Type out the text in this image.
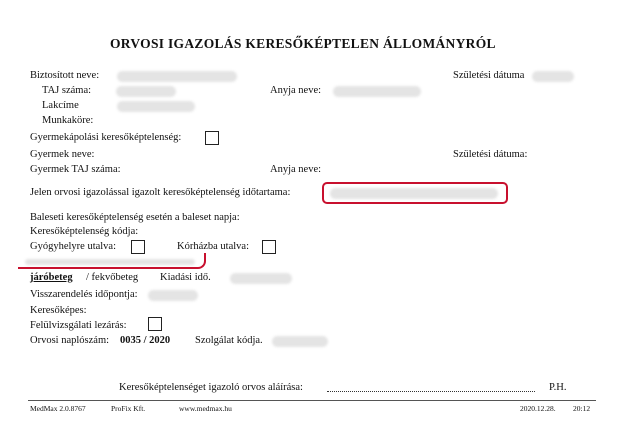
ORVOSI IGAZOLÁS KERESŐKÉPTELEN ÁLLOMÁNYRÓL
Biztosított neve:	Születési dátuma
TAJ száma:	Anyja neve:
Lakcíme
Munkaköre:
Gyermekápolási keresőképtelenség:
Gyermek neve:	Születési dátuma:
Gyermek TAJ száma:	Anyja neve:
Jelen orvosi igazolással igazolt keresőképtelenség időtartama:
Baleseti keresőképtelenség esetén a baleset napja:
Keresőképtelenség kódja:
Gyógyhelyre utalva:	Kórházba utalva:
járóbeteg / fekvőbeteg Kiadási idő.
Visszarendelés időpontja:
Keresőképes:
Felülvizsgálati lezárás:
Orvosi naplószám: 0035 / 2020 Szolgálat kódja.
Keresőképtelenséget igazoló orvos aláírása:	P.H.
MedMax 2.0.8767	ProFix Kft.	www.medmax.hu	2020.12.28. 20:12
